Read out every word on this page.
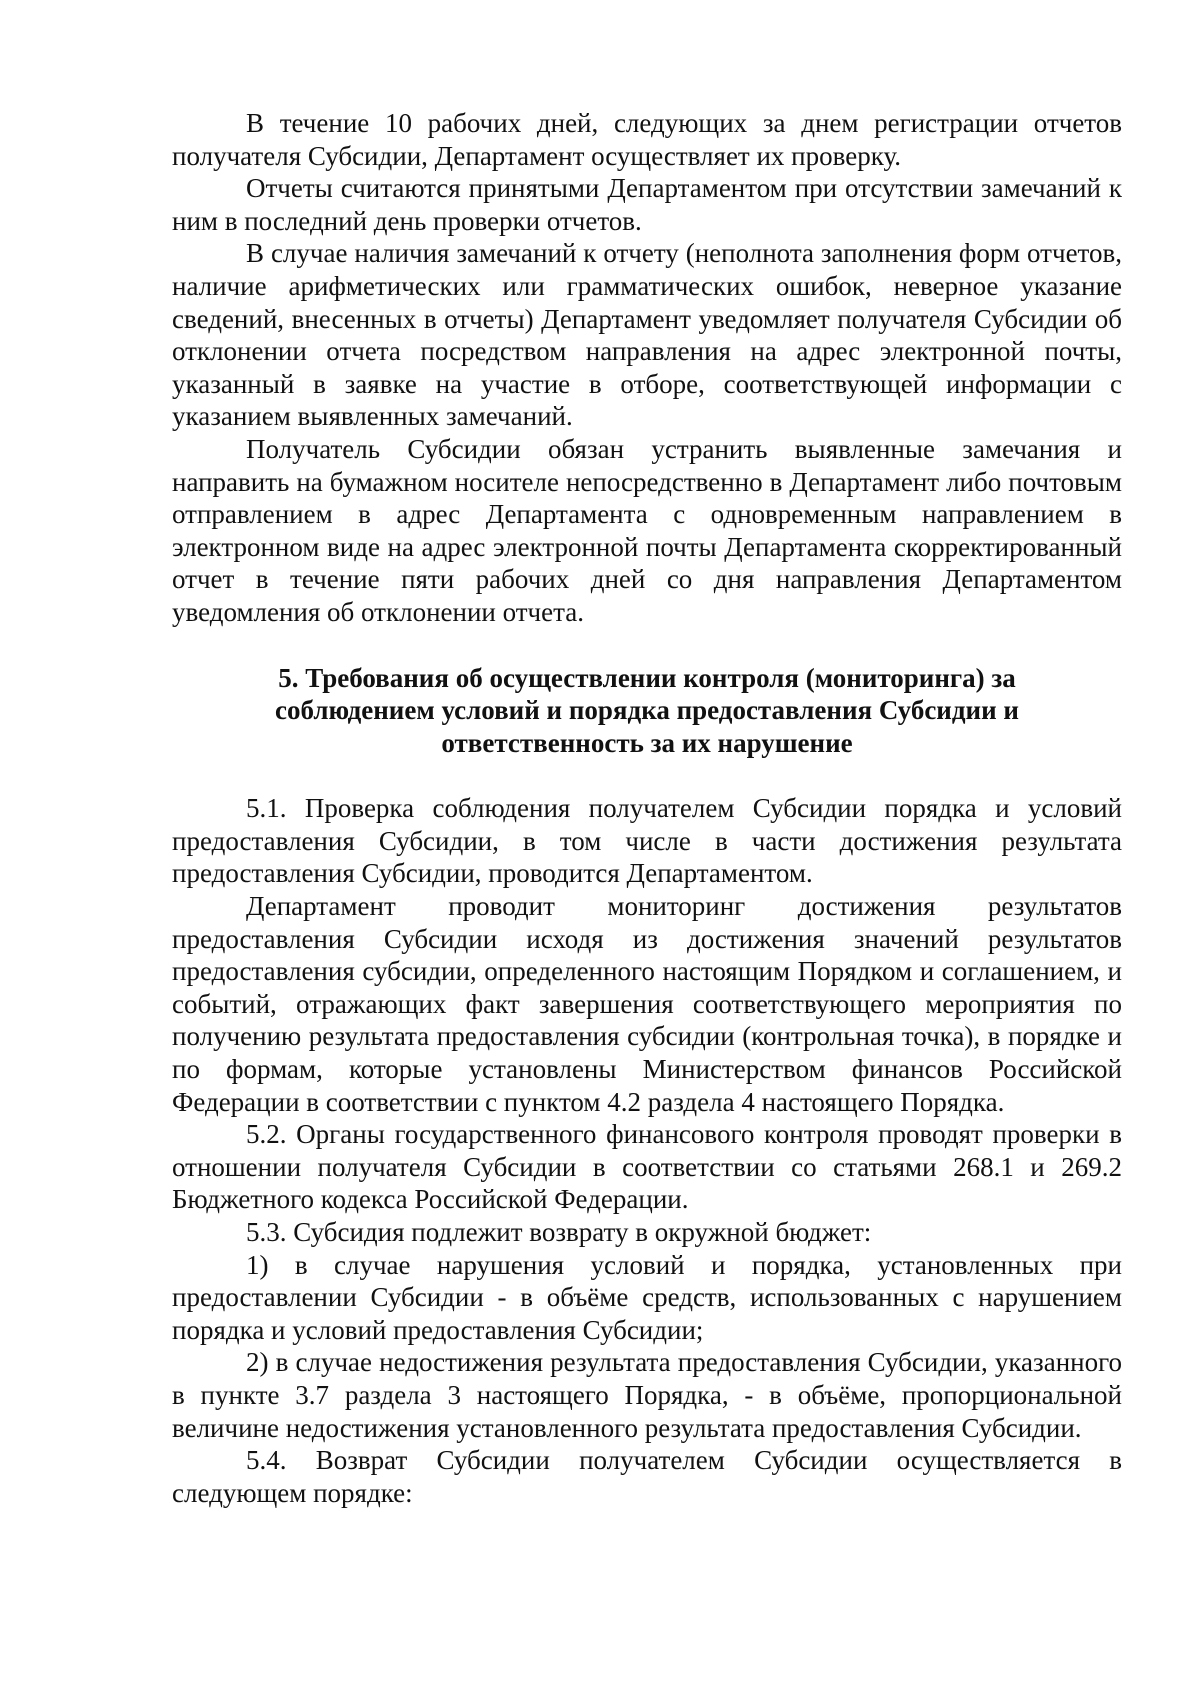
В течение 10 рабочих дней, следующих за днем регистрации отчетов получателя Субсидии, Департамент осуществляет их проверку.

Отчеты считаются принятыми Департаментом при отсутствии замечаний к ним в последний день проверки отчетов.

В случае наличия замечаний к отчету (неполнота заполнения форм отчетов, наличие арифметических или грамматических ошибок, неверное указание сведений, внесенных в отчеты) Департамент уведомляет получателя Субсидии об отклонении отчета посредством направления на адрес электронной почты, указанный в заявке на участие в отборе, соответствующей информации с указанием выявленных замечаний.

Получатель Субсидии обязан устранить выявленные замечания и направить на бумажном носителе непосредственно в Департамент либо почтовым отправлением в адрес Департамента с одновременным направлением в электронном виде на адрес электронной почты Департамента скорректированный отчет в течение пяти рабочих дней со дня направления Департаментом уведомления об отклонении отчета.

5. Требования об осуществлении контроля (мониторинга) за
соблюдением условий и порядка предоставления Субсидии и
ответственность за их нарушение

5.1. Проверка соблюдения получателем Субсидии порядка и условий предоставления Субсидии, в том числе в части достижения результата предоставления Субсидии, проводится Департаментом.

Департамент проводит мониторинг достижения результатов предоставления Субсидии исходя из достижения значений результатов предоставления субсидии, определенного настоящим Порядком и соглашением, и событий, отражающих факт завершения соответствующего мероприятия по получению результата предоставления субсидии (контрольная точка), в порядке и по формам, которые установлены Министерством финансов Российской Федерации в соответствии с пунктом 4.2 раздела 4 настоящего Порядка.

5.2. Органы государственного финансового контроля проводят проверки в отношении получателя Субсидии в соответствии со статьями 268.1 и 269.2 Бюджетного кодекса Российской Федерации.

5.3. Субсидия подлежит возврату в окружной бюджет:

1) в случае нарушения условий и порядка, установленных при предоставлении Субсидии - в объёме средств, использованных с нарушением порядка и условий предоставления Субсидии;

2) в случае недостижения результата предоставления Субсидии, указанного в пункте 3.7 раздела 3 настоящего Порядка, - в объёме, пропорциональной величине недостижения установленного результата предоставления Субсидии.

5.4. Возврат Субсидии получателем Субсидии осуществляется в следующем порядке:
